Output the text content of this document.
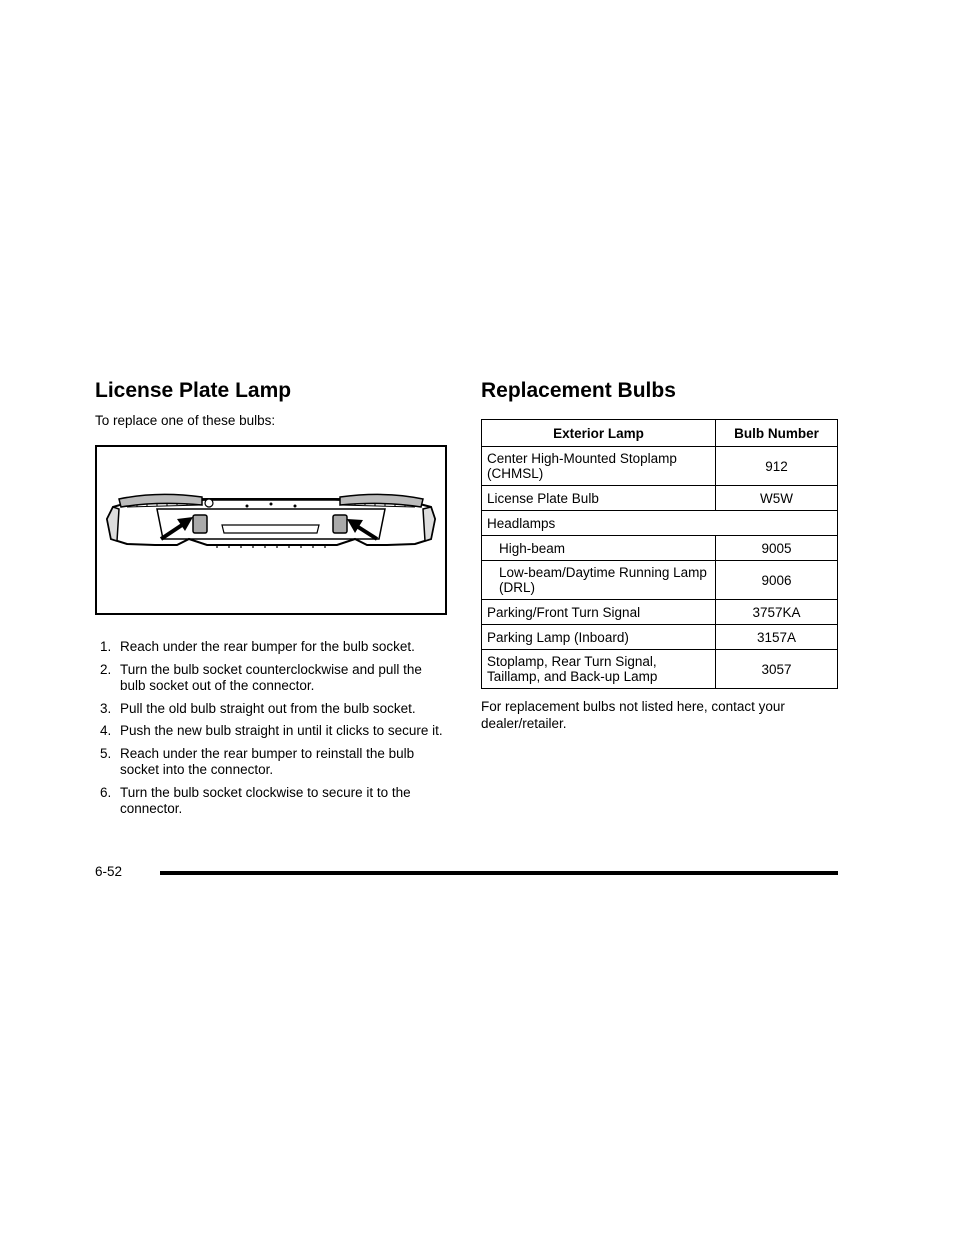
License Plate Lamp

To replace one of these bulbs:

1. Reach under the rear bumper for the bulb socket.
2. Turn the bulb socket counterclockwise and pull the bulb socket out of the connector.
3. Pull the old bulb straight out from the bulb socket.
4. Push the new bulb straight in until it clicks to secure it.
5. Reach under the rear bumper to reinstall the bulb socket into the connector.
6. Turn the bulb socket clockwise to secure it to the connector.
Replacement Bulbs
Exterior Lamp	Bulb Number
Center High-Mounted Stoplamp (CHMSL)	912
License Plate Bulb	W5W
Headlamps	
High-beam	9005
Low-beam/Daytime Running Lamp (DRL)	9006
Parking/Front Turn Signal	3757KA
Parking Lamp (Inboard)	3157A
Stoplamp, Rear Turn Signal, Taillamp, and Back-up Lamp	3057

For replacement bulbs not listed here, contact your dealer/retailer.

6-52
